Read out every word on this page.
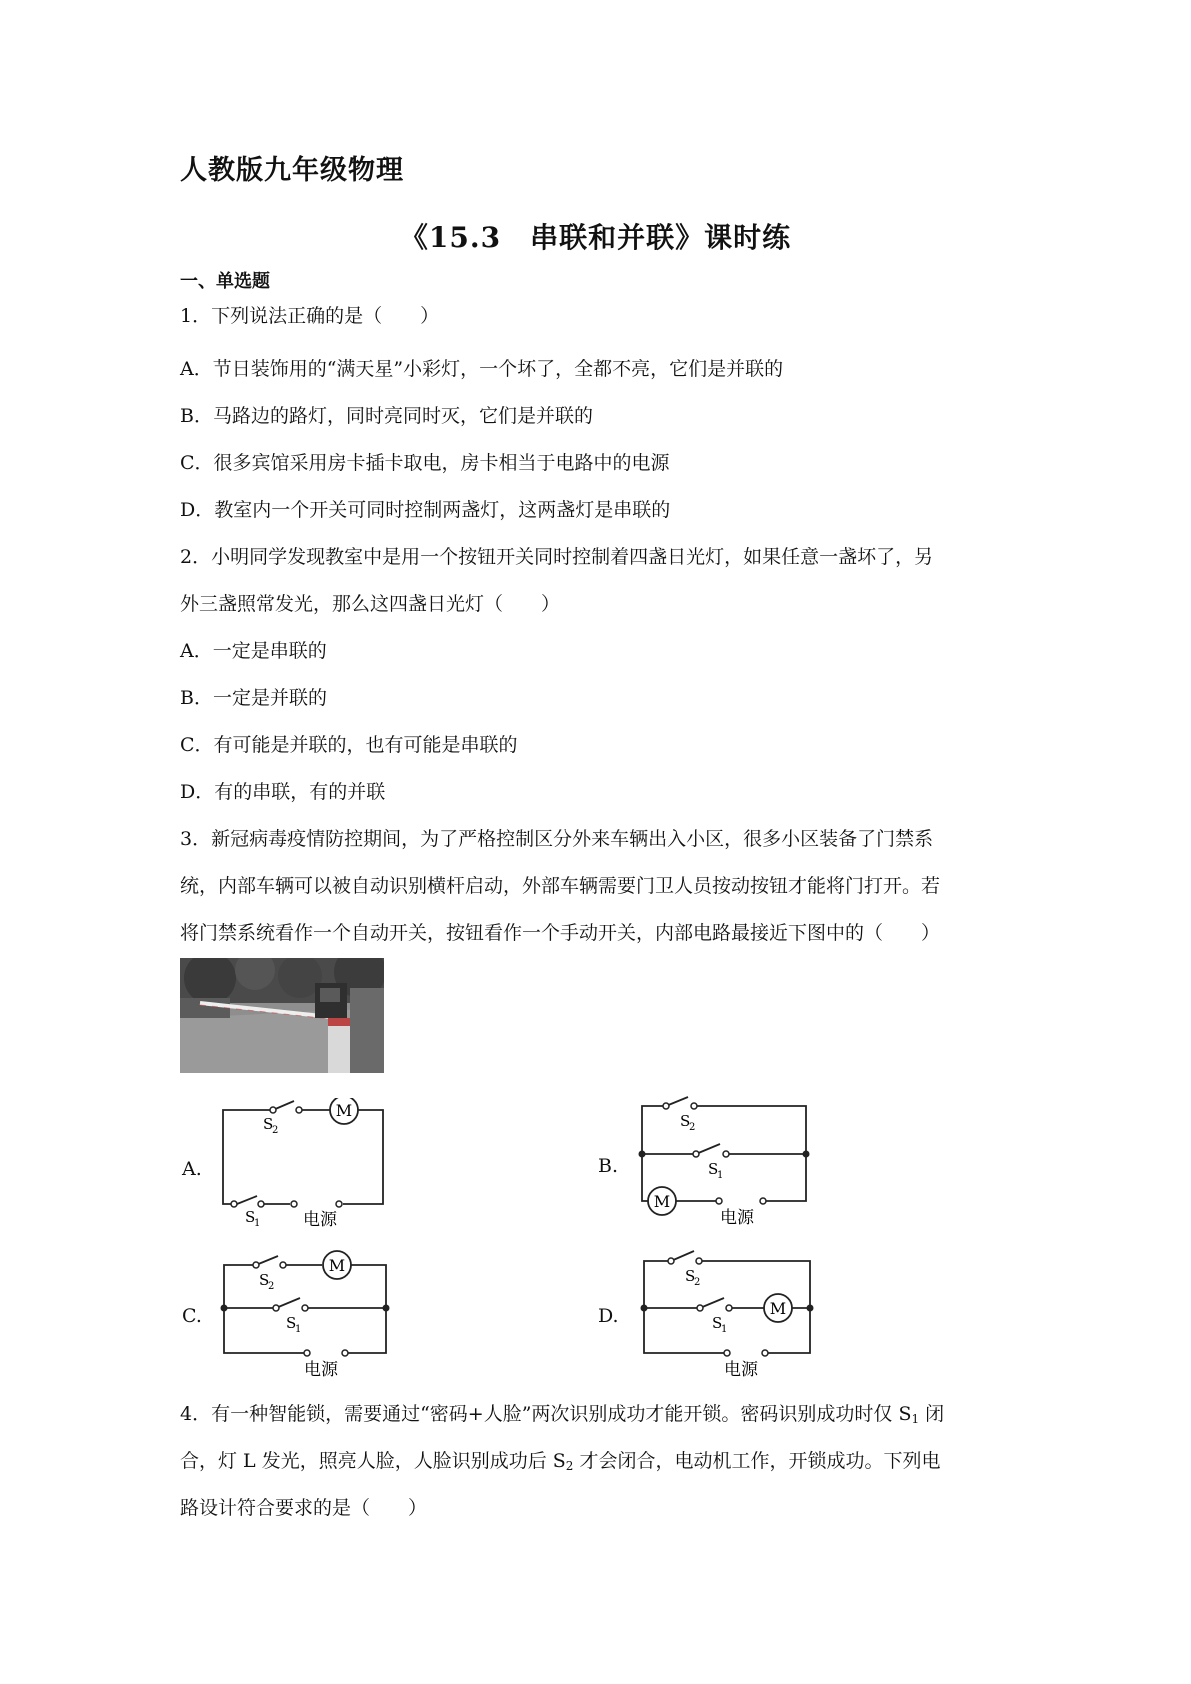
人教版九年级物理
《15.3　串联和并联》课时练
一、单选题
1．下列说法正确的是（　　）
A．节日装饰用的“满天星”小彩灯，一个坏了，全都不亮，它们是并联的
B．马路边的路灯，同时亮同时灭，它们是并联的
C．很多宾馆采用房卡插卡取电，房卡相当于电路中的电源
D．教室内一个开关可同时控制两盏灯，这两盏灯是串联的
2．小明同学发现教室中是用一个按钮开关同时控制着四盏日光灯，如果任意一盏坏了，另
外三盏照常发光，那么这四盏日光灯（　　）
A．一定是串联的
B．一定是并联的
C．有可能是并联的，也有可能是串联的
D．有的串联，有的并联
3．新冠病毒疫情防控期间，为了严格控制区分外来车辆出入小区，很多小区装备了门禁系
统，内部车辆可以被自动识别横杆启动，外部车辆需要门卫人员按动按钮才能将门打开。若
将门禁系统看作一个自动开关，按钮看作一个手动开关，内部电路最接近下图中的（　　）
A.
M
S
2
S
1	电源
B.
M
S
2
S
1
电源
C.
M
S
2
S
1
电源
D.	M
S
2
S
1
电源
4．有一种智能锁，需要通过“密码+人脸”两次识别成功才能开锁。密码识别成功时仅 $S_1$ 闭
合，灯 L 发光，照亮人脸，人脸识别成功后 $S_2$ 才会闭合，电动机工作，开锁成功。下列电
路设计符合要求的是（　　）
